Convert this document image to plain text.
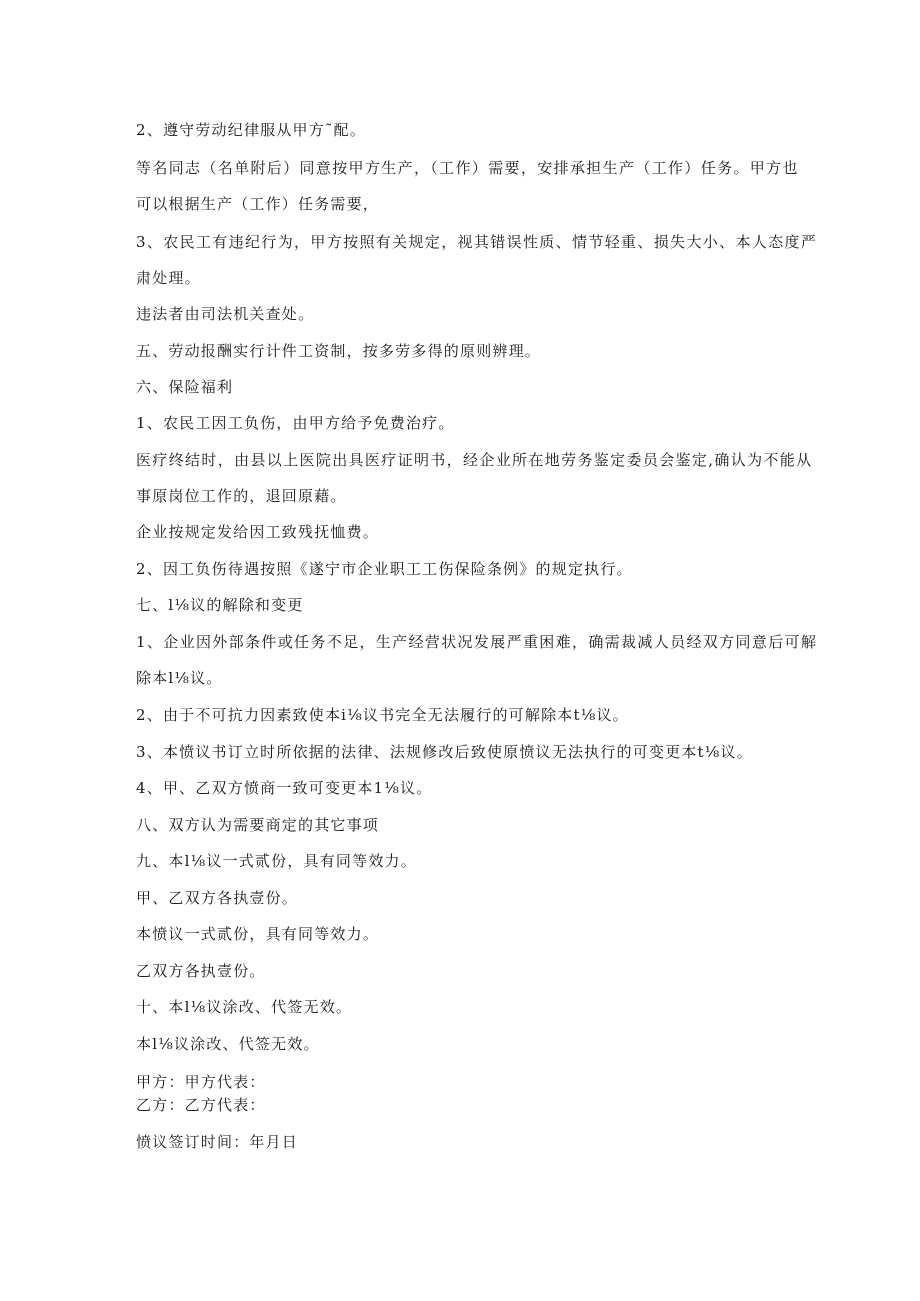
2、遵守劳动纪律服从甲方˜配。
等名同志（名单附后）同意按甲方生产，（工作）需要，安排承担生产（工作）任务。甲方也
可以根据生产（工作）任务需要，
3、农民工有违纪行为，甲方按照有关规定，视其错误性质、情节轻重、损失大小、本人态度严
肃处理。
违法者由司法机关查处。
五、劳动报酬实行计件工资制，按多劳多得的原则辨理。
六、保险福利
1、农民工因工负伤，由甲方给予免费治疗。
医疗终结时，由县以上医院出具医疗证明书，经企业所在地劳务鉴定委员会鉴定,确认为不能从
事原岗位工作的，退回原藉。
企业按规定发给因工致残抚恤费。
2、因工负伤待遇按照《遂宁市企业职工工伤保险条例》的规定执行。
七、l⅛议的解除和变更
1、企业因外部条件或任务不足，生产经营状况发展严重困难，确需裁减人员经双方同意后可解
除本l⅛议。
2、由于不可抗力因素致使本i⅛议书完全无法履行的可解除本t⅛议。
3、本愤议书订立时所依据的法律、法规修改后致使原愤议无法执行的可变更本t⅛议。
4、甲、乙双方愤商一致可变更本1⅛议。
八、双方认为需要商定的其它事项
九、本l⅛议一式贰份，具有同等效力。
甲、乙双方各执壹份。
本愤议一式贰份，具有同等效力。
乙双方各执壹份。
十、本l⅛议涂改、代签无效。
本l⅛议涂改、代签无效。
甲方：甲方代表：
乙方：乙方代表：
愤议签订时间：年月日
